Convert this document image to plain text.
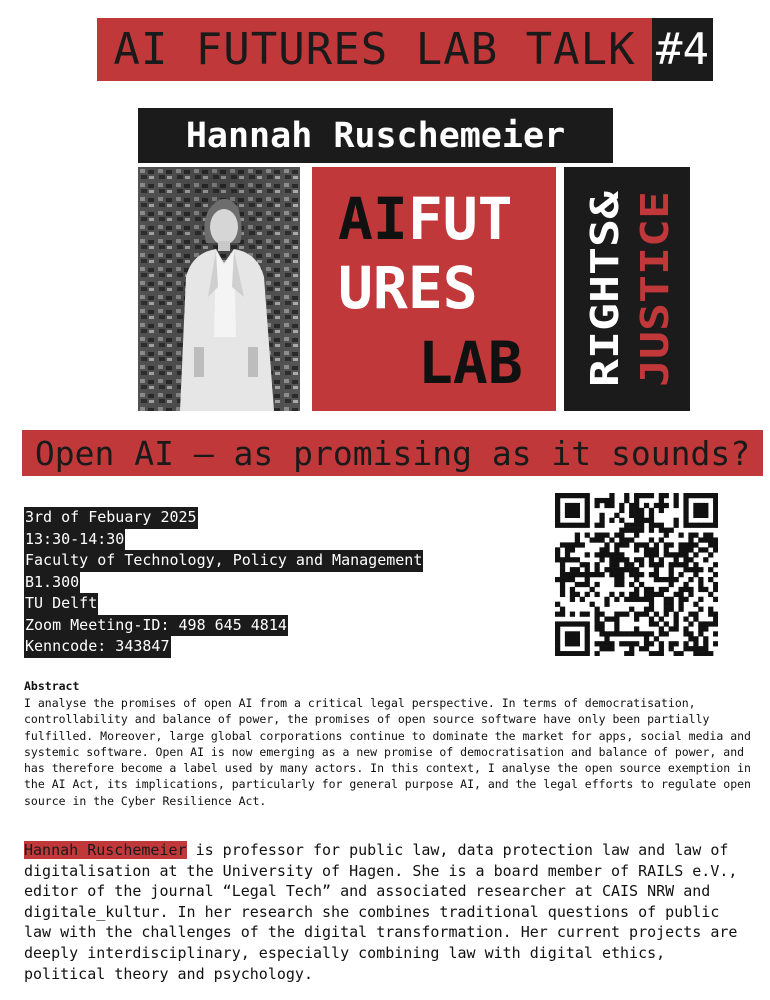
AI FUTURES LAB TALK #4
Hannah Ruschemeier
AIFUT
URES
LAB RIGHTS& JUSTICE
Open AI – as promising as it sounds?
3rd of Febuary 2025
13:30-14:30
Faculty of Technology, Policy and Management
B1.300
TU Delft
Zoom Meeting-ID: 498 645 4814
Kenncode: 343847
Abstract
I analyse the promises of open AI from a critical legal perspective. In terms of democratisation, controllability and balance of power, the promises of open source software have only been partially fulfilled. Moreover, large global corporations continue to dominate the market for apps, social media and systemic software. Open AI is now emerging as a new promise of democratisation and balance of power, and has therefore become a label used by many actors. In this context, I analyse the open source exemption in the AI Act, its implications, particularly for general purpose AI, and the legal efforts to regulate open source in the Cyber Resilience Act.
Hannah Ruschemeier is professor for public law, data protection law and law of digitalisation at the University of Hagen. She is a board member of RAILS e.V., editor of the journal “Legal Tech” and associated researcher at CAIS NRW and digitale_kultur. In her research she combines traditional questions of public law with the challenges of the digital transformation. Her current projects are deeply interdisciplinary, especially combining law with digital ethics, political theory and psychology.
